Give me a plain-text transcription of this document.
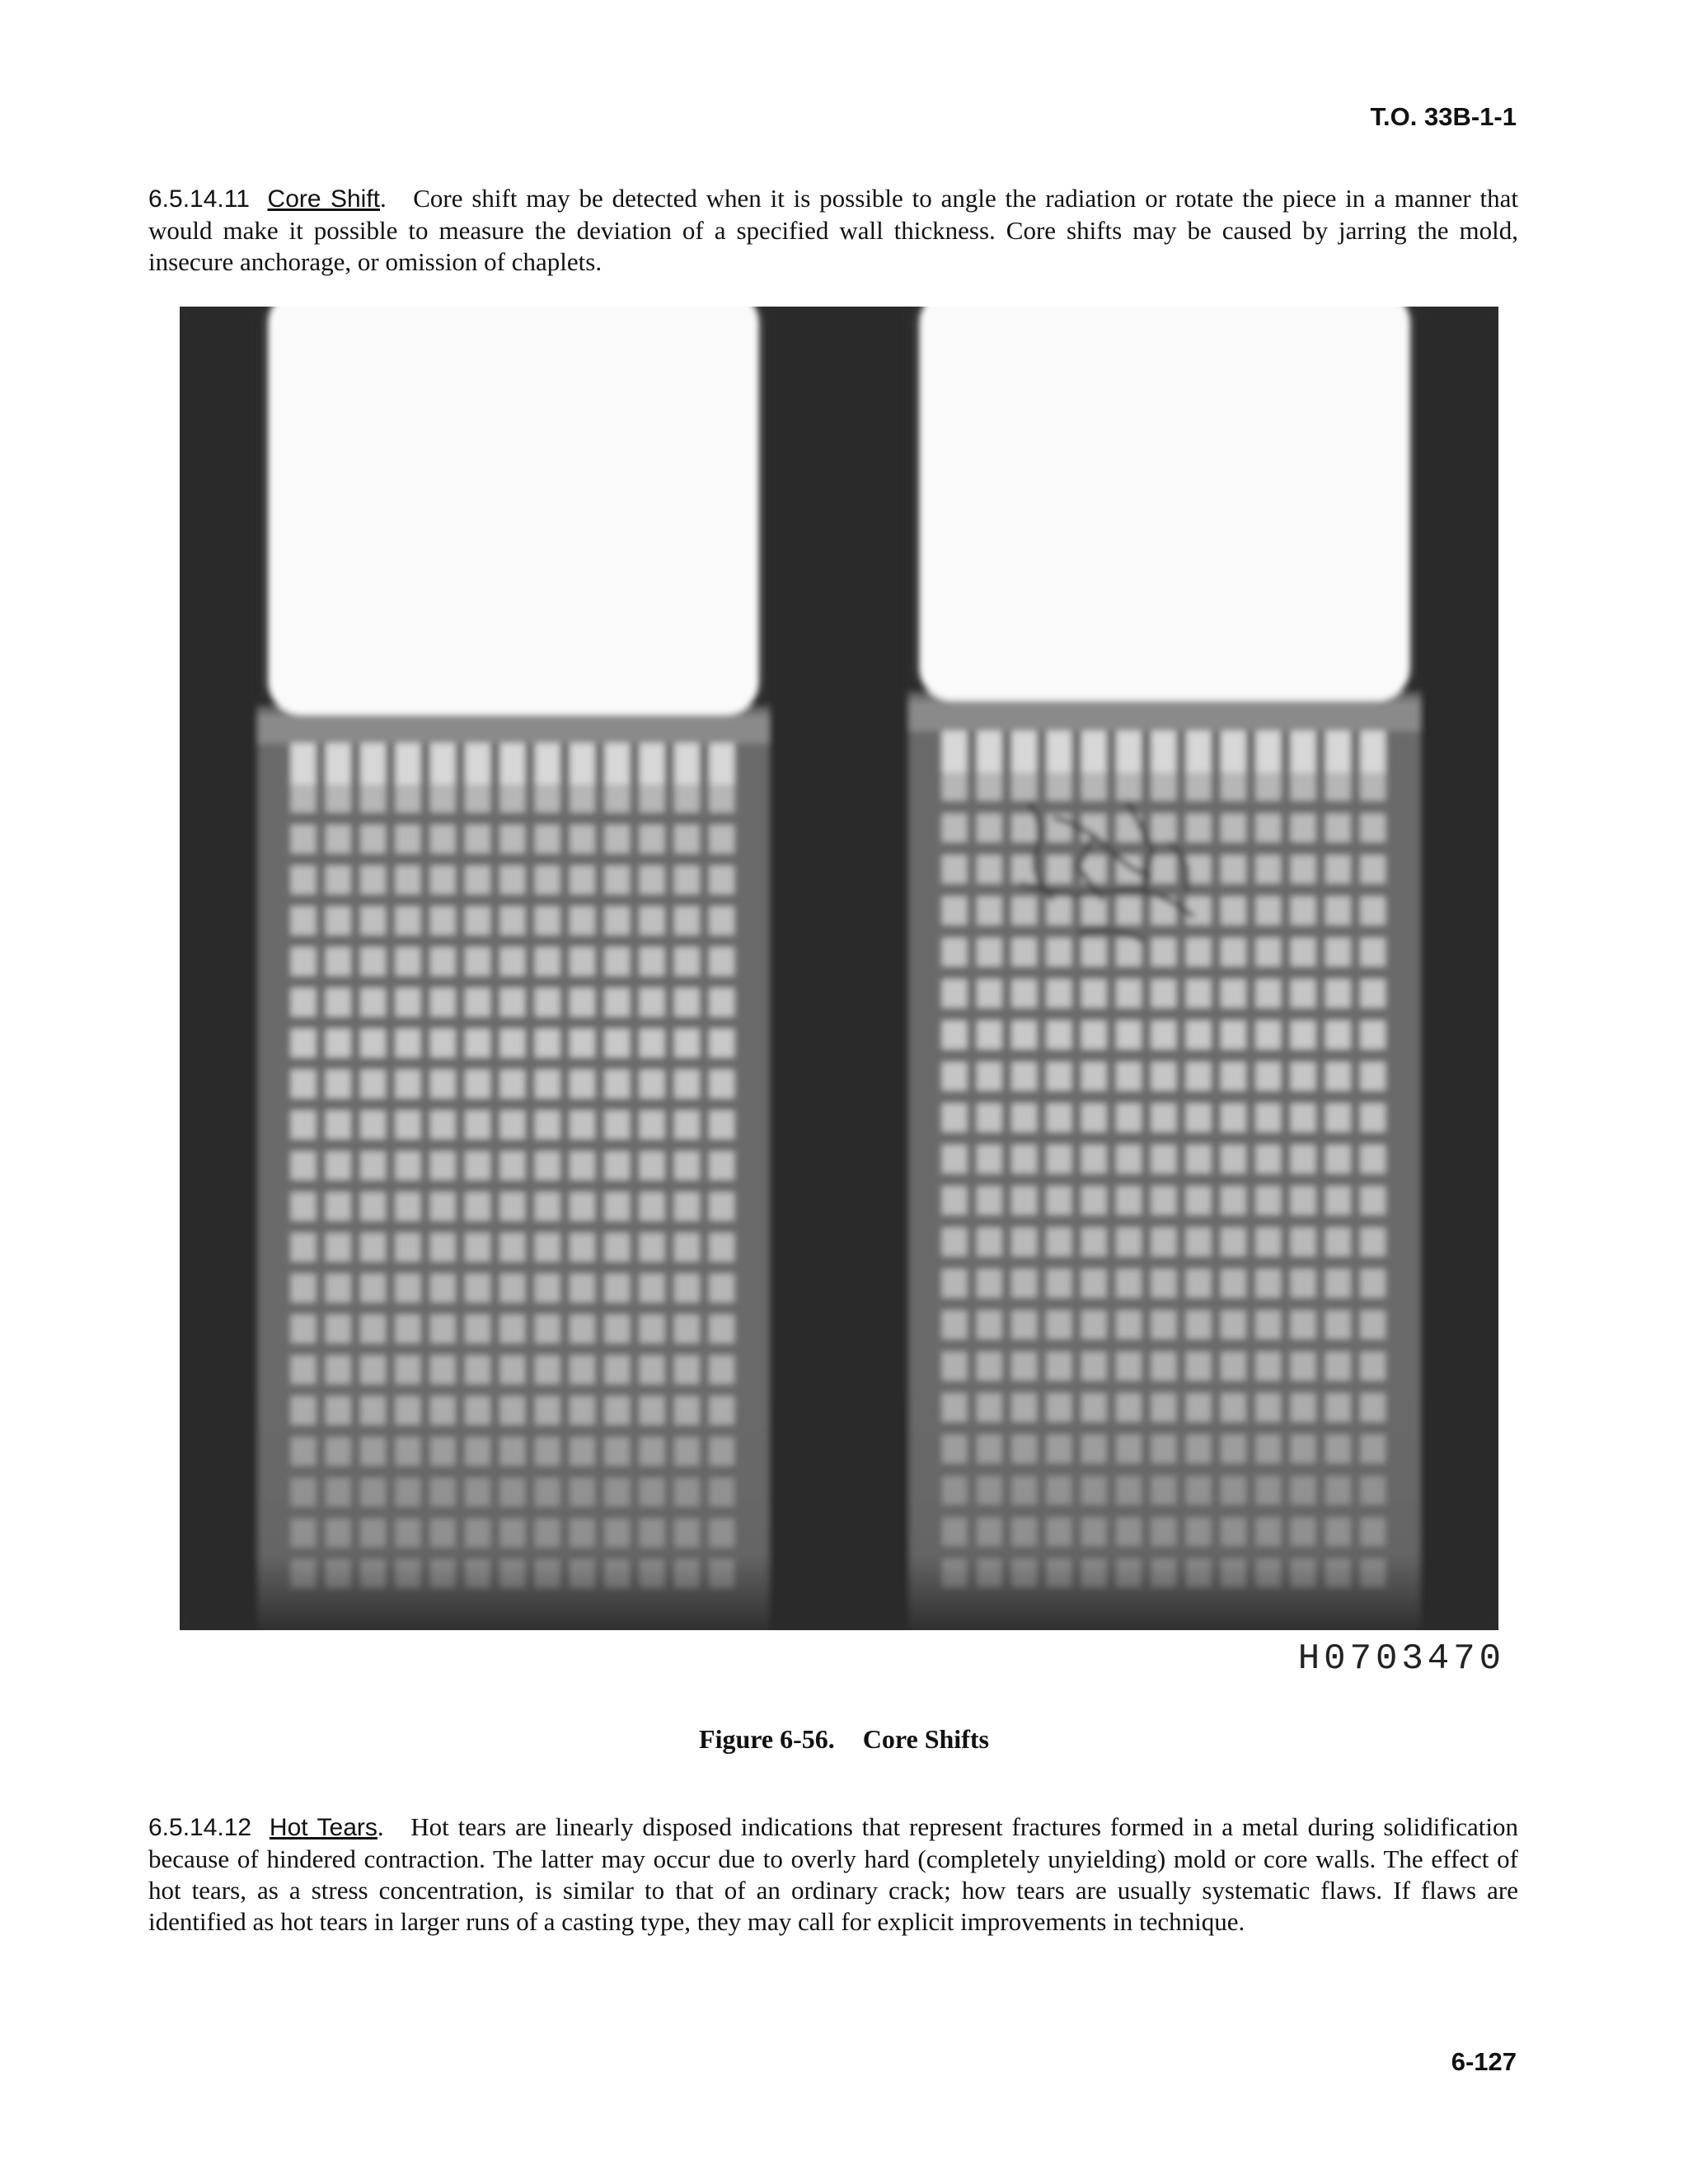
T.O. 33B-1-1

6.5.14.11 Core Shift.   Core shift may be detected when it is possible to angle the radiation or rotate the piece in a manner that would make it possible to measure the deviation of a specified wall thickness. Core shifts may be caused by jarring the mold, insecure anchorage, or omission of chaplets.

H0703470
Figure 6-56. Core Shifts

6.5.14.12 Hot Tears.   Hot tears are linearly disposed indications that represent fractures formed in a metal during solidification because of hindered contraction. The latter may occur due to overly hard (completely unyielding) mold or core walls. The effect of hot tears, as a stress concentration, is similar to that of an ordinary crack; how tears are usually systematic flaws. If flaws are identified as hot tears in larger runs of a casting type, they may call for explicit improvements in technique.

6-127
